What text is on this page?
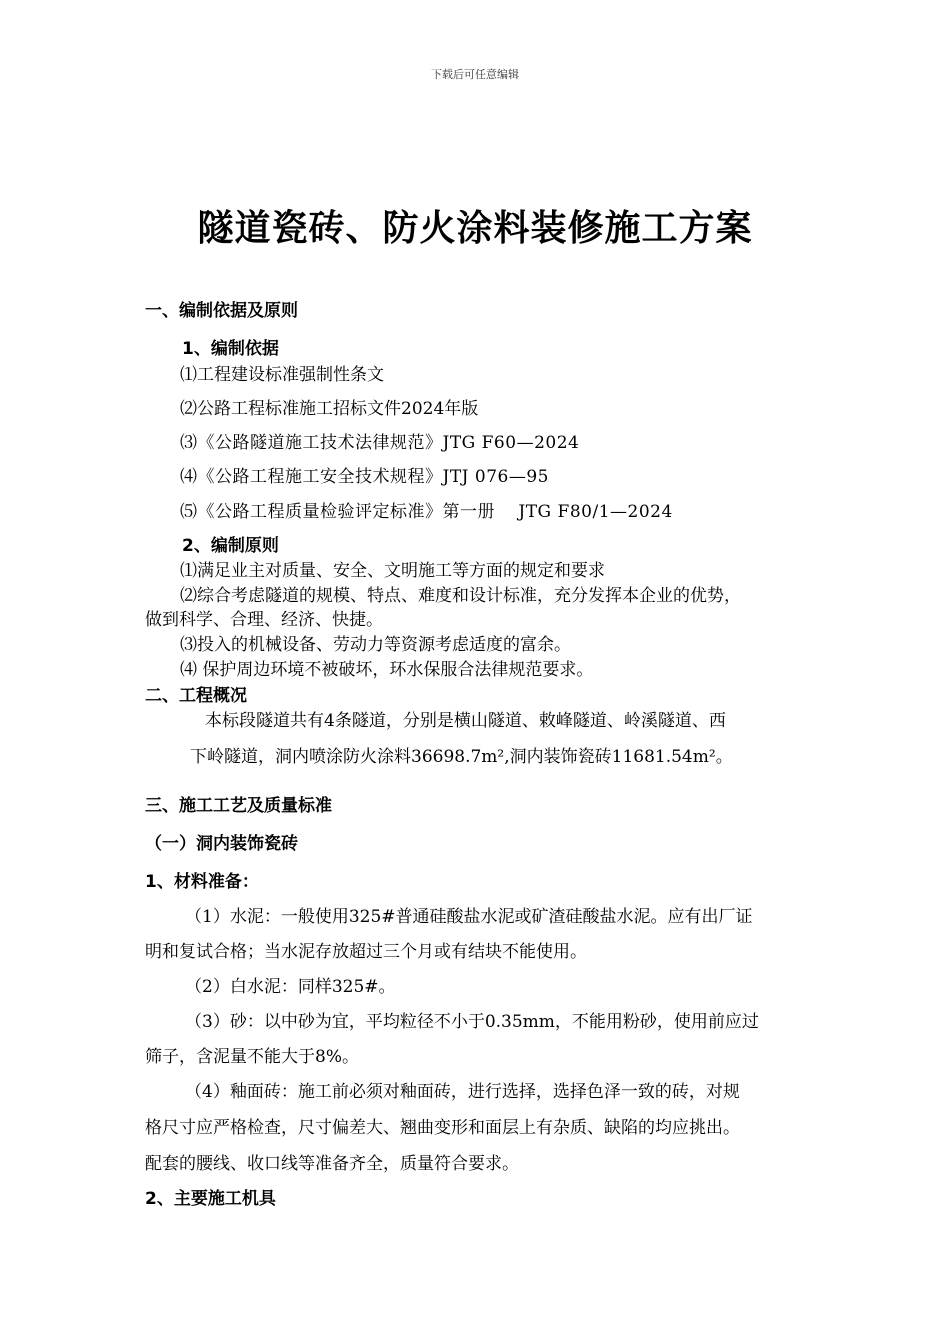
下载后可任意编辑
隧道瓷砖、防火涂料装修施工方案
一、编制依据及原则
1、编制依据
⑴工程建设标准强制性条文
⑵公路工程标准施工招标文件2024年版
⑶《公路隧道施工技术法律规范》JTG F60—2024
⑷《公路工程施工安全技术规程》JTJ 076—95
⑸《公路工程质量检验评定标准》第一册　 JTG F80/1—2024
2、编制原则
⑴满足业主对质量、安全、文明施工等方面的规定和要求
⑵综合考虑隧道的规模、特点、难度和设计标准，充分发挥本企业的优势，
做到科学、合理、经济、快捷。
⑶投入的机械设备、劳动力等资源考虑适度的富余。
⑷ 保护周边环境不被破坏，环水保服合法律规范要求。
二、工程概况
本标段隧道共有4条隧道，分别是横山隧道、敕峰隧道、岭溪隧道、西
下岭隧道，洞内喷涂防火涂料36698.7m²,洞内装饰瓷砖11681.54m²。
三、施工工艺及质量标准
（一）洞内装饰瓷砖
1、材料准备：
（1）水泥：一般使用325#普通硅酸盐水泥或矿渣硅酸盐水泥。应有出厂证
明和复试合格；当水泥存放超过三个月或有结块不能使用。
（2）白水泥：同样325#。
（3）砂：以中砂为宜，平均粒径不小于0.35mm，不能用粉砂，使用前应过
筛子，含泥量不能大于8%。
（4）釉面砖：施工前必须对釉面砖，进行选择，选择色泽一致的砖，对规
格尺寸应严格检查，尺寸偏差大、翘曲变形和面层上有杂质、缺陷的均应挑出。
配套的腰线、收口线等准备齐全，质量符合要求。
2、主要施工机具
